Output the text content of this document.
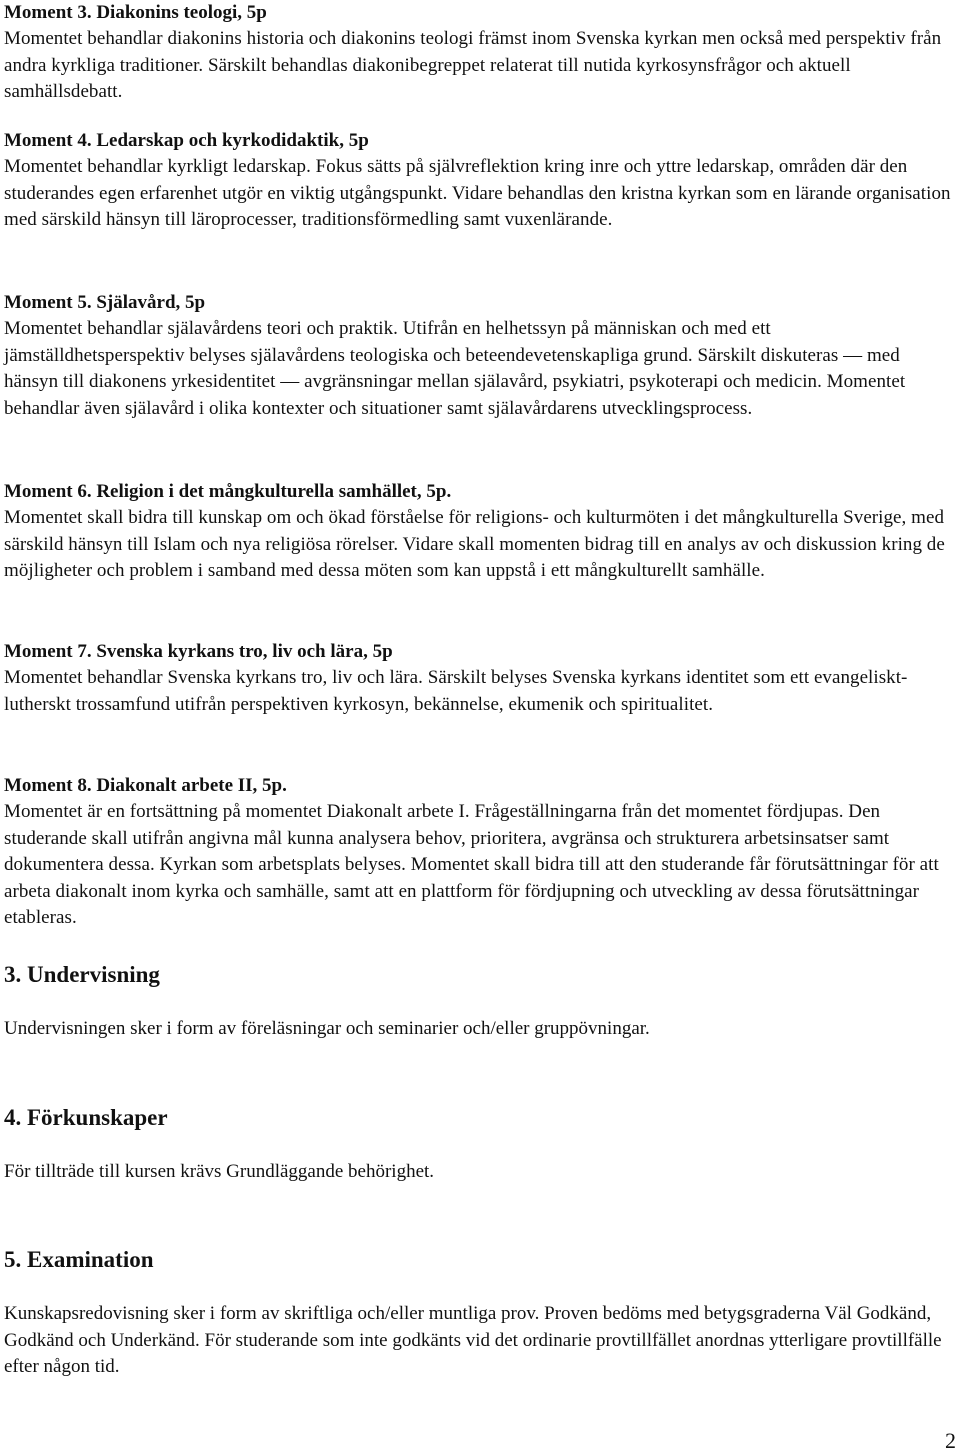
Moment 3. Diakonins teologi, 5p

Momentet behandlar diakonins historia och diakonins teologi främst inom Svenska kyrkan men också med perspektiv från andra kyrkliga traditioner. Särskilt behandlas diakonibegreppet relaterat till nutida kyrkosynsfrågor och aktuell samhällsdebatt.

Moment 4. Ledarskap och kyrkodidaktik, 5p

Momentet behandlar kyrkligt ledarskap. Fokus sätts på självreflektion kring inre och yttre ledarskap, områden där den studerandes egen erfarenhet utgör en viktig utgångspunkt. Vidare behandlas den kristna kyrkan som en lärande organisation med särskild hänsyn till läroprocesser, traditionsförmedling samt vuxenlärande.

Moment 5. Själavård, 5p

Momentet behandlar själavårdens teori och praktik. Utifrån en helhetssyn på människan och med ett jämställdhetsperspektiv belyses själavårdens teologiska och beteendevetenskapliga grund. Särskilt diskuteras — med hänsyn till diakonens yrkesidentitet — avgränsningar mellan själavård, psykiatri, psykoterapi och medicin. Momentet behandlar även själavård i olika kontexter och situationer samt själavårdarens utvecklingsprocess.

Moment 6. Religion i det mångkulturella samhället, 5p.

Momentet skall bidra till kunskap om och ökad förståelse för religions- och kulturmöten i det mångkulturella Sverige, med särskild hänsyn till Islam och nya religiösa rörelser. Vidare skall momenten bidrag till en analys av och diskussion kring de möjligheter och problem i samband med dessa möten som kan uppstå i ett mångkulturellt samhälle.

Moment 7. Svenska kyrkans tro, liv och lära, 5p

Momentet behandlar Svenska kyrkans tro, liv och lära. Särskilt belyses Svenska kyrkans identitet som ett evangeliskt- lutherskt trossamfund utifrån perspektiven kyrkosyn, bekännelse, ekumenik och spiritualitet.

Moment 8. Diakonalt arbete II, 5p.

Momentet är en fortsättning på momentet Diakonalt arbete I. Frågeställningarna från det momentet fördjupas. Den studerande skall utifrån angivna mål kunna analysera behov, prioritera, avgränsa och strukturera arbetsinsatser samt dokumentera dessa. Kyrkan som arbetsplats belyses. Momentet skall bidra till att den studerande får förutsättningar för att arbeta diakonalt inom kyrka och samhälle, samt att en plattform för fördjupning och utveckling av dessa förutsättningar etableras.

3. Undervisning

Undervisningen sker i form av föreläsningar och seminarier och/eller gruppövningar.

4. Förkunskaper

För tillträde till kursen krävs Grundläggande behörighet.

5. Examination

Kunskapsredovisning sker i form av skriftliga och/eller muntliga prov. Proven bedöms med betygsgraderna Väl Godkänd, Godkänd och Underkänd. För studerande som inte godkänts vid det ordinarie provtillfället anordnas ytterligare provtillfälle efter någon tid.

2
